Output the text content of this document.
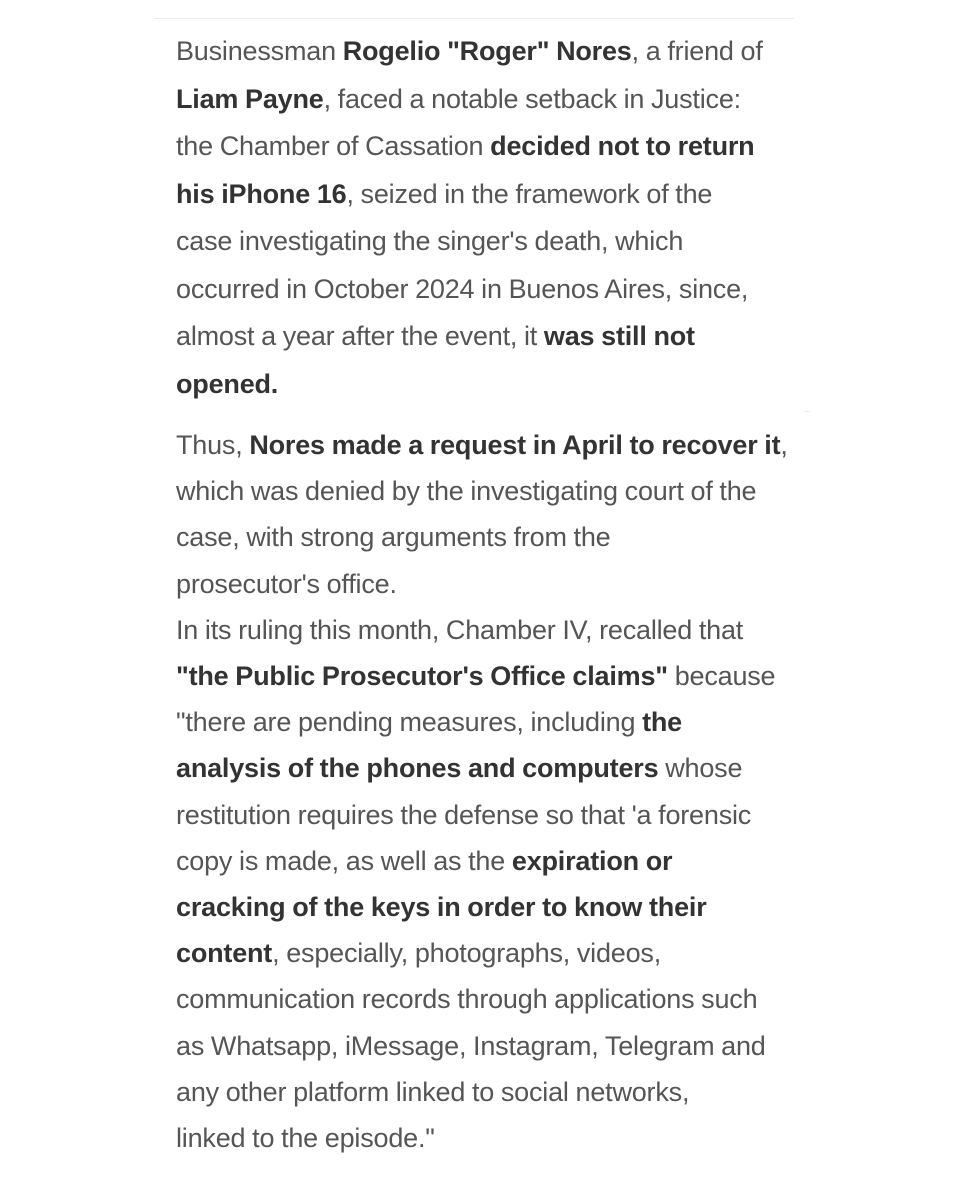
Businessman Rogelio "Roger" Nores, a friend of
Liam Payne, faced a notable setback in Justice:
the Chamber of Cassation decided not to return
his iPhone 16, seized in the framework of the
case investigating the singer's death, which
occurred in October 2024 in Buenos Aires, since,
almost a year after the event, it was still not
opened.

Thus, Nores made a request in April to recover it,
which was denied by the investigating court of the
case, with strong arguments from the
prosecutor's office.

In its ruling this month, Chamber IV, recalled that
"the Public Prosecutor's Office claims" because
"there are pending measures, including the
analysis of the phones and computers whose
restitution requires the defense so that 'a forensic
copy is made, as well as the expiration or
cracking of the keys in order to know their
content, especially, photographs, videos,
communication records through applications such
as Whatsapp, iMessage, Instagram, Telegram and
any other platform linked to social networks,
linked to the episode."
